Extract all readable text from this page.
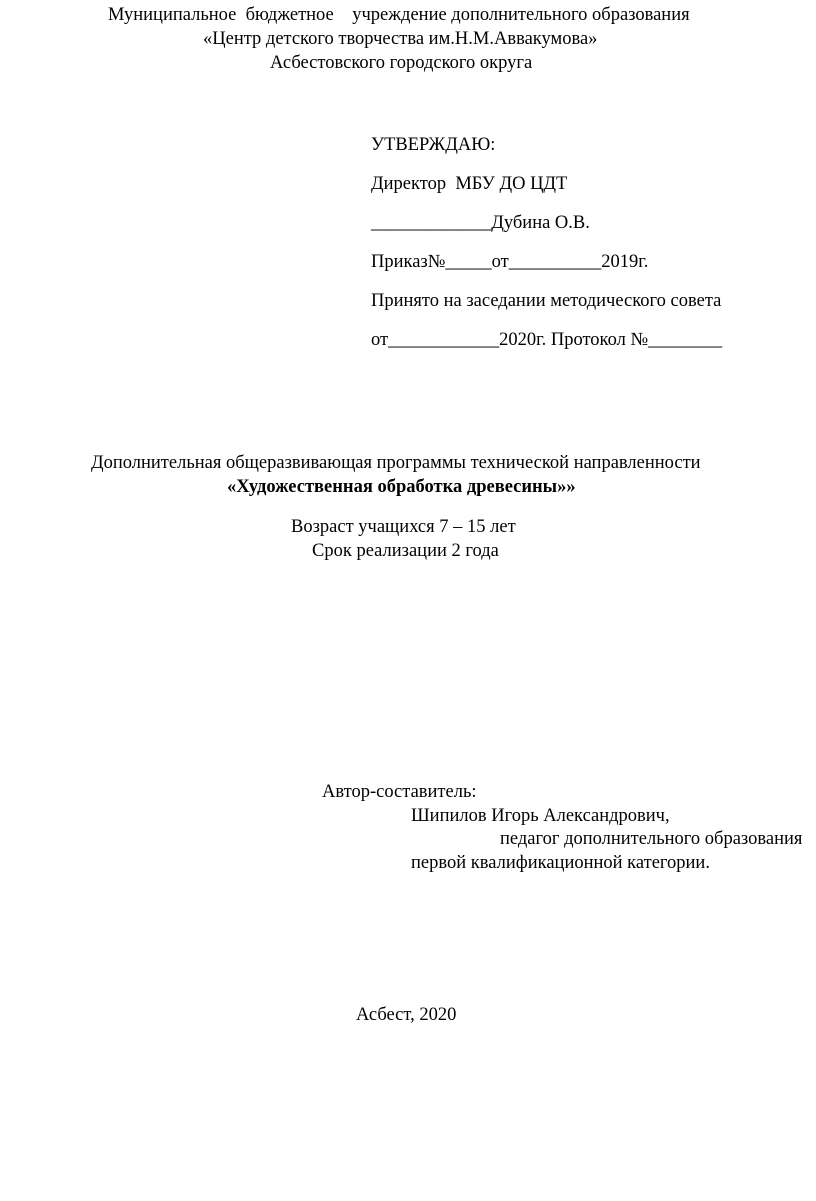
Муниципальное  бюджетное    учреждение дополнительного образования
«Центр детского творчества им.Н.М.Аввакумова»
Асбестовского городского округа
УТВЕРЖДАЮ:
Директор  МБУ ДО ЦДТ
_____________Дубина О.В.
Приказ№_____от__________2019г.
Принято на заседании методического совета
от____________2020г. Протокол №________
Дополнительная общеразвивающая программы технической направленности
«Художественная обработка древесины»»
Возраст учащихся 7 – 15 лет
Срок реализации 2 года
Автор-составитель:
Шипилов Игорь Александрович,
педагог дополнительного образования
первой квалификационной категории.
Асбест, 2020
